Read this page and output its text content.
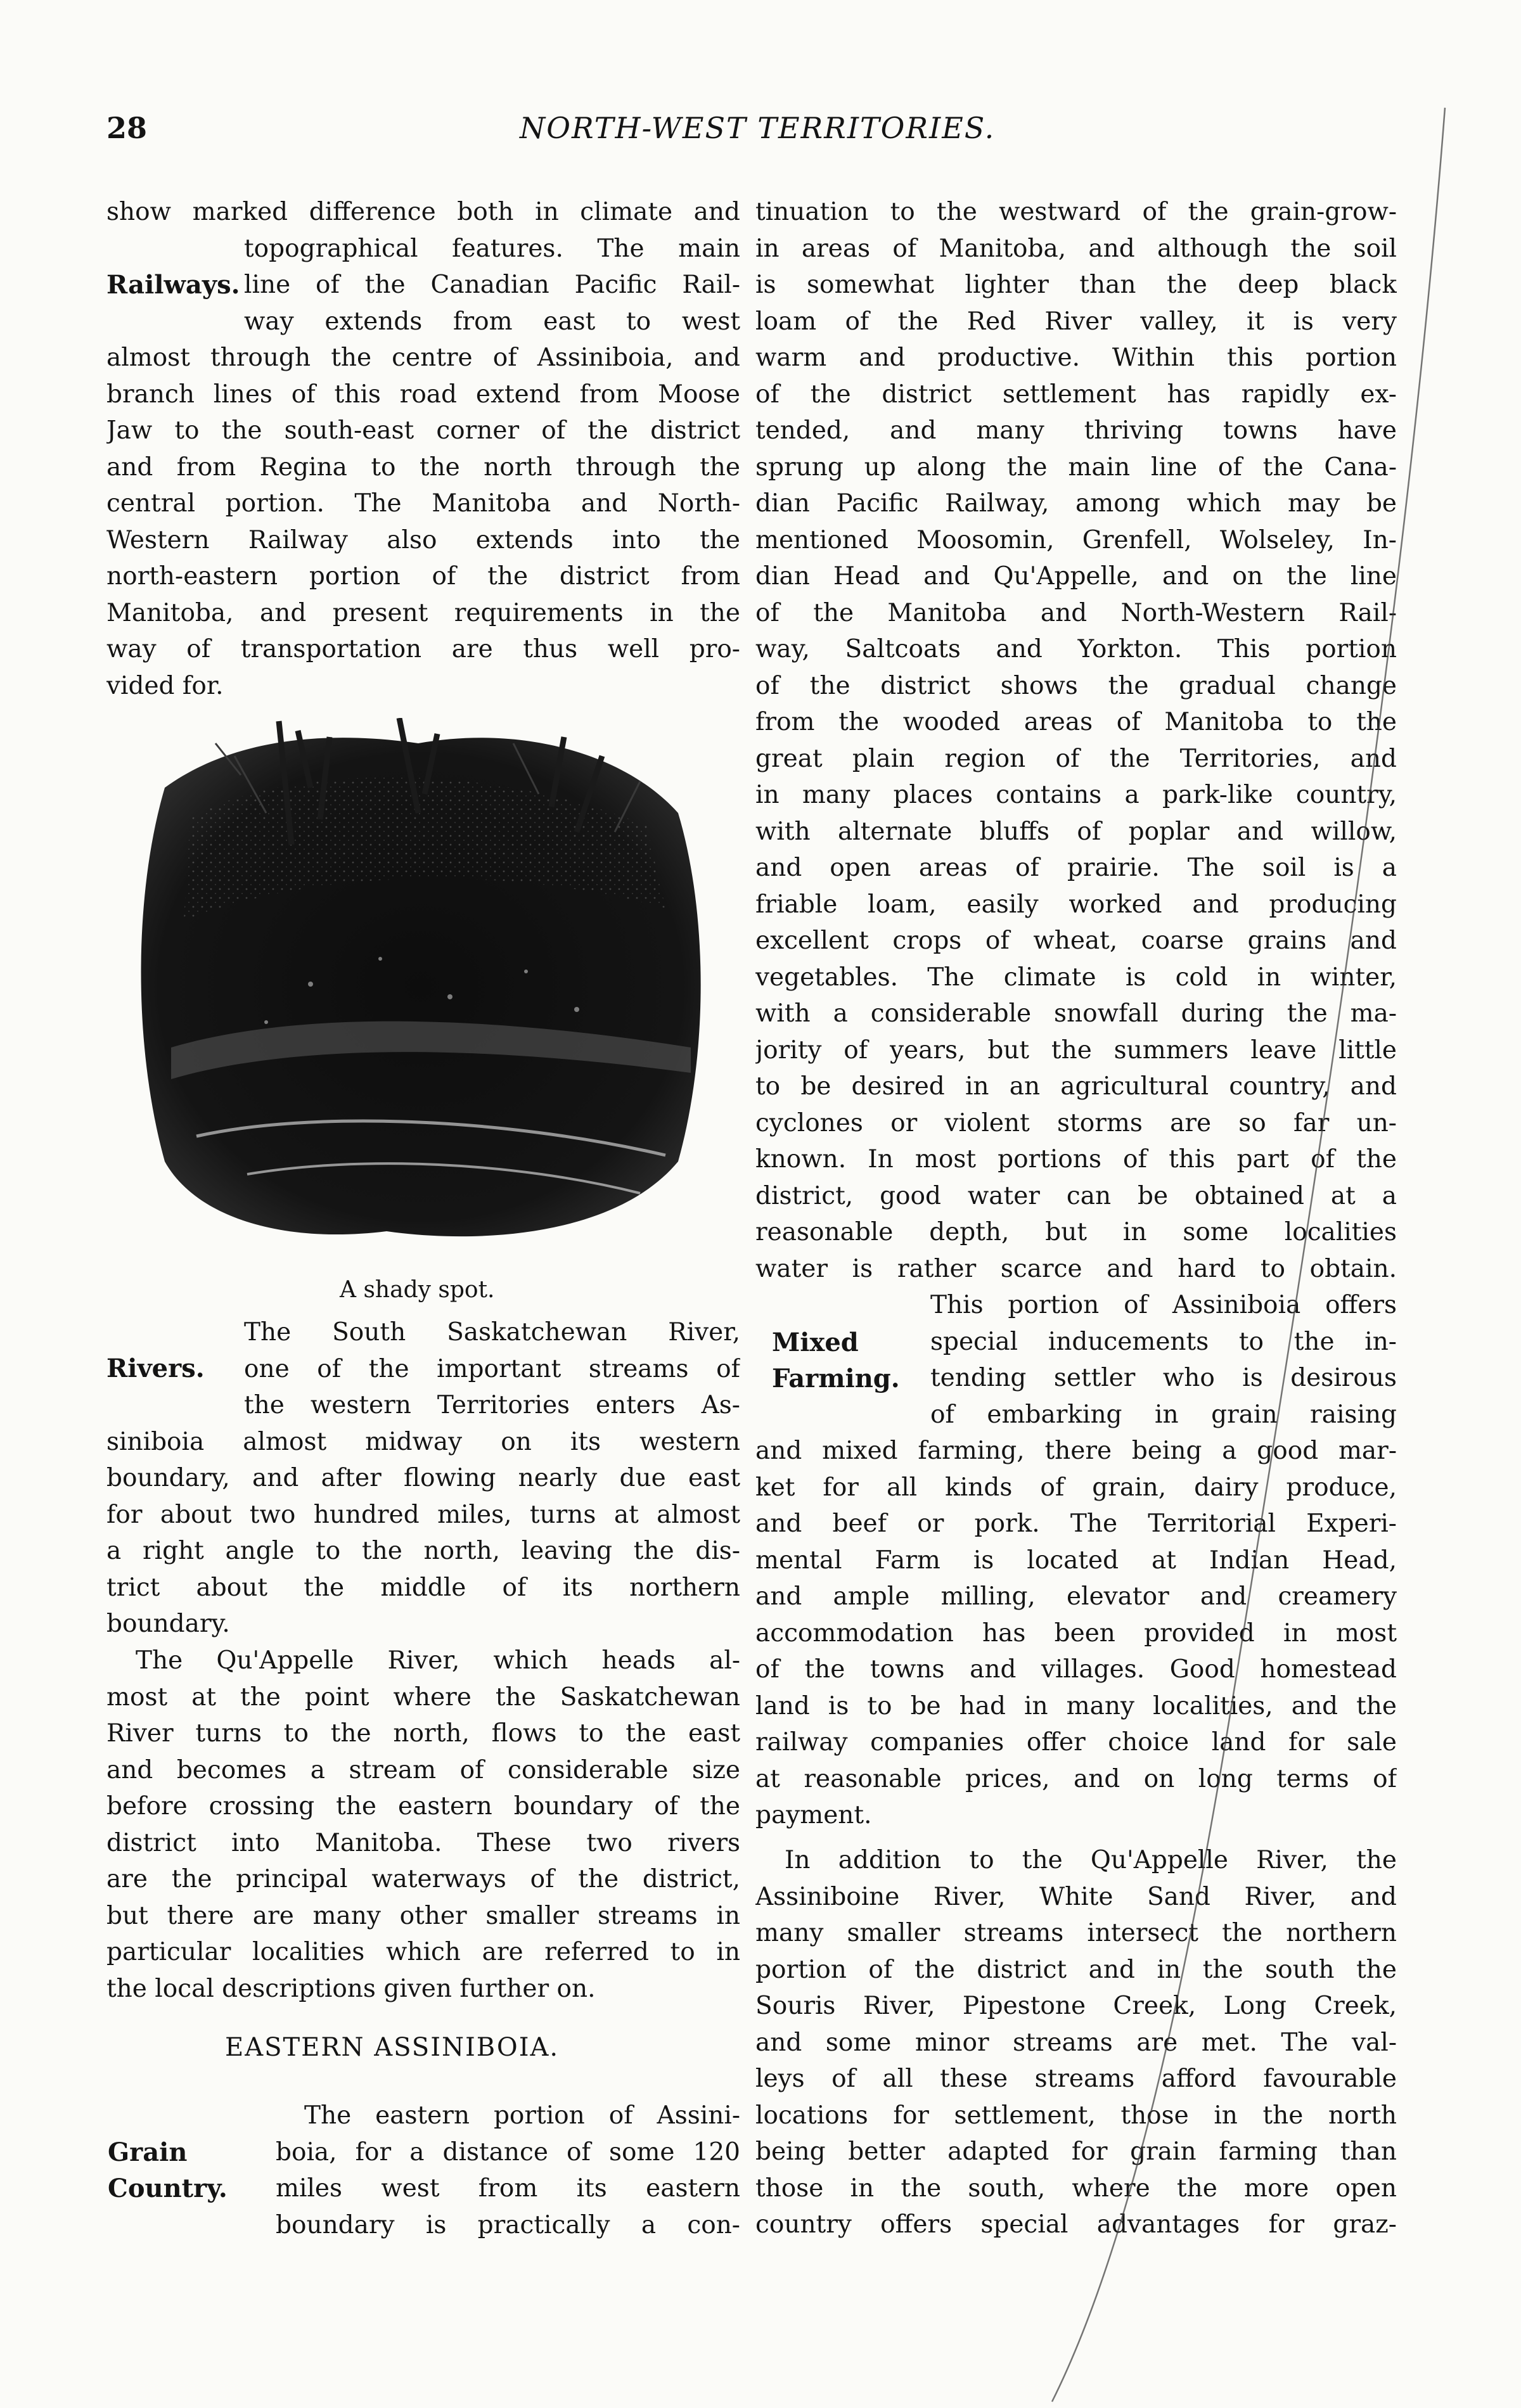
28	NORTH-WEST TERRITORIES.
show marked difference both in climate and
topographical features. The main
line of the Canadian Pacific Rail-
way extends from east to west
Railways.
almost through the centre of Assiniboia, and
branch lines of this road extend from Moose
Jaw to the south-east corner of the district
and from Regina to the north through the
central portion. The Manitoba and North-
Western Railway also extends into the
north-eastern portion of the district from
Manitoba, and present requirements in the
way of transportation are thus well pro-
vided for.
A shady spot.
The South Saskatchewan River,
one of the important streams of
the western Territories enters As-
Rivers.
siniboia almost midway on its western
boundary, and after flowing nearly due east
for about two hundred miles, turns at almost
a right angle to the north, leaving the dis-
trict about the middle of its northern
boundary.
The Qu'Appelle River, which heads al-
most at the point where the Saskatchewan
River turns to the north, flows to the east
and becomes a stream of considerable size
before crossing the eastern boundary of the
district into Manitoba. These two rivers
are the principal waterways of the district,
but there are many other smaller streams in
particular localities which are referred to in
the local descriptions given further on.
EASTERN ASSINIBOIA.
The eastern portion of Assini-
boia, for a distance of some 120
miles west from its eastern
boundary is practically a con-
Grain
Country.
tinuation to the westward of the grain-grow-
in areas of Manitoba, and although the soil
is somewhat lighter than the deep black
loam of the Red River valley, it is very
warm and productive. Within this portion
of the district settlement has rapidly ex-
tended, and many thriving towns have
sprung up along the main line of the Cana-
dian Pacific Railway, among which may be
mentioned Moosomin, Grenfell, Wolseley, In-
dian Head and Qu'Appelle, and on the line
of the Manitoba and North-Western Rail-
way, Saltcoats and Yorkton. This portion
of the district shows the gradual change
from the wooded areas of Manitoba to the
great plain region of the Territories, and
in many places contains a park-like country,
with alternate bluffs of poplar and willow,
and open areas of prairie. The soil is a
friable loam, easily worked and producing
excellent crops of wheat, coarse grains and
vegetables. The climate is cold in winter,
with a considerable snowfall during the ma-
jority of years, but the summers leave little
to be desired in an agricultural country, and
cyclones or violent storms are so far un-
known. In most portions of this part of the
district, good water can be obtained at a
reasonable depth, but in some localities
water is rather scarce and hard to obtain.
This portion of Assiniboia offers
special inducements to the in-
tending settler who is desirous
of embarking in grain raising
Mixed
Farming.
and mixed farming, there being a good mar-
ket for all kinds of grain, dairy produce,
and beef or pork. The Territorial Experi-
mental Farm is located at Indian Head,
and ample milling, elevator and creamery
accommodation has been provided in most
of the towns and villages. Good homestead
land is to be had in many localities, and the
railway companies offer choice land for sale
at reasonable prices, and on long terms of
payment.
In addition to the Qu'Appelle River, the
Assiniboine River, White Sand River, and
many smaller streams intersect the northern
portion of the district and in the south the
Souris River, Pipestone Creek, Long Creek,
and some minor streams are met. The val-
leys of all these streams afford favourable
locations for settlement, those in the north
being better adapted for grain farming than
those in the south, where the more open
country offers special advantages for graz-
